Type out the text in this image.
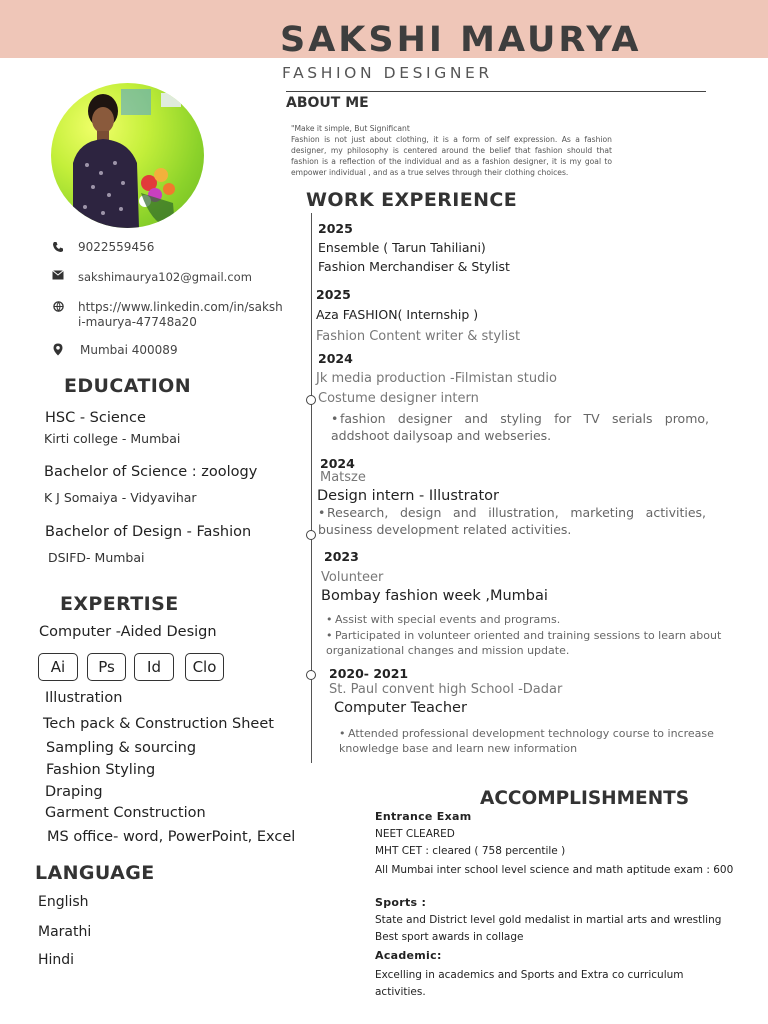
SAKSHI MAURYA
FASHION DESIGNER
ABOUT ME
"Make it simple, But Significant
Fashion is not just about clothing, it is a form of self expression. As a fashion designer, my philosophy is centered around the belief that fashion should that fashion is a reflection of the individual and as a fashion designer, it is my goal to empower individual , and as a true selves through their clothing choices.
9022559456
sakshimaurya102@gmail.com
https://www.linkedin.com/in/saksh
i-maurya-47748a20
Mumbai 400089
EDUCATION
HSC - Science
Kirti college - Mumbai
Bachelor of Science : zoology
K J Somaiya - Vidyavihar
Bachelor of Design - Fashion
DSIFD- Mumbai
EXPERTISE
Computer -Aided Design
Ai	Ps	Id	Clo
Illustration
Tech pack & Construction Sheet
Sampling & sourcing
Fashion Styling
Draping
Garment Construction
MS office- word, PowerPoint, Excel
LANGUAGE
English
Marathi
Hindi
WORK EXPERIENCE
2025
Ensemble ( Tarun Tahiliani)
Fashion Merchandiser & Stylist
2025
Aza FASHION( Internship )
Fashion Content writer & stylist
2024
Jk media production -Filmistan studio
Costume designer intern
• fashion designer and styling for TV serials promo, addshoot dailysoap and webseries.
2024
Matsze
Design intern - Illustrator
• Research, design and illustration, marketing activities, business development related activities.
2023
Volunteer
Bombay fashion week ,Mumbai
• Assist with special events and programs.
• Participated in volunteer oriented and training sessions to learn about organizational changes and mission update.
2020- 2021
St. Paul convent high School -Dadar
Computer Teacher
• Attended professional development technology course to increase knowledge base and learn new information
ACCOMPLISHMENTS
Entrance Exam
NEET CLEARED
MHT CET : cleared ( 758 percentile )
All Mumbai inter school level science and math aptitude exam : 600
Sports :
State and District level gold medalist in martial arts and wrestling
Best sport awards in collage
Academic:
Excelling in academics and Sports and Extra co curriculum activities.
